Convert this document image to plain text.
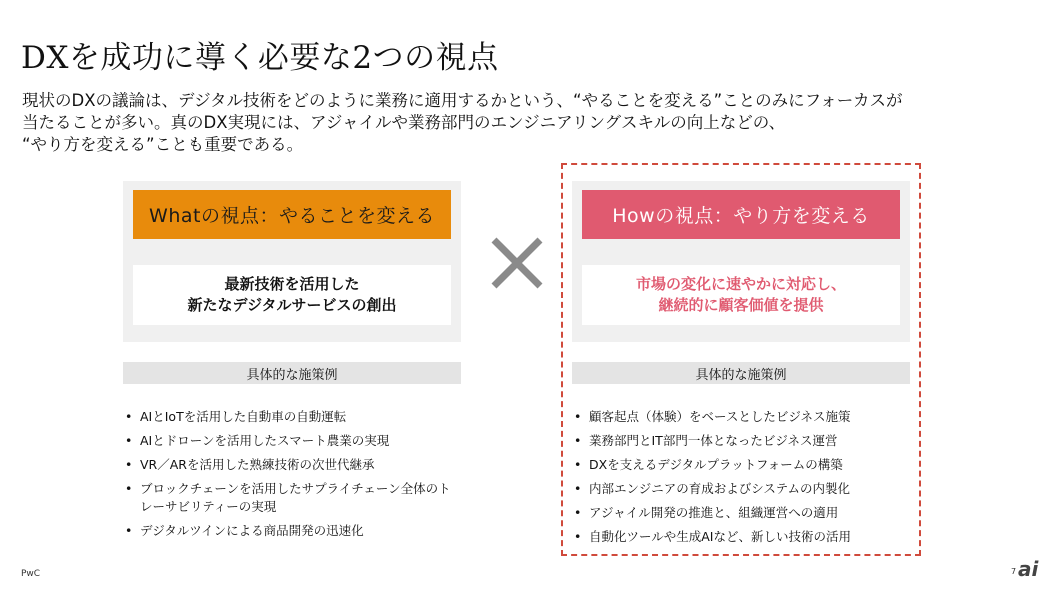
DXを成功に導く必要な2つの視点
現状のDXの議論は、デジタル技術をどのように業務に適用するかという、“やることを変える”ことのみにフォーカスが
当たることが多い。真のDX実現には、アジャイルや業務部門のエンジニアリングスキルの向上などの、
“やり方を変える”ことも重要である。
Whatの視点：やることを変える
最新技術を活用した
新たなデジタルサービスの創出
Howの視点：やり方を変える
市場の変化に速やかに対応し、
継続的に顧客価値を提供
具体的な施策例	具体的な施策例
• AIとIoTを活用した自動車の自動運転
• AIとドローンを活用したスマート農業の実現
• VR／ARを活用した熟練技術の次世代継承
• ブロックチェーンを活用したサプライチェーン全体のトレーサビリティーの実現
• デジタルツインによる商品開発の迅速化
• 顧客起点（体験）をベースとしたビジネス施策
• 業務部門とIT部門一体となったビジネス運営
• DXを支えるデジタルプラットフォームの構築
• 内部エンジニアの育成およびシステムの内製化
• アジャイル開発の推進と、組織運営への適用
• 自動化ツールや生成AIなど、新しい技術の活用
PwC	7 ai
